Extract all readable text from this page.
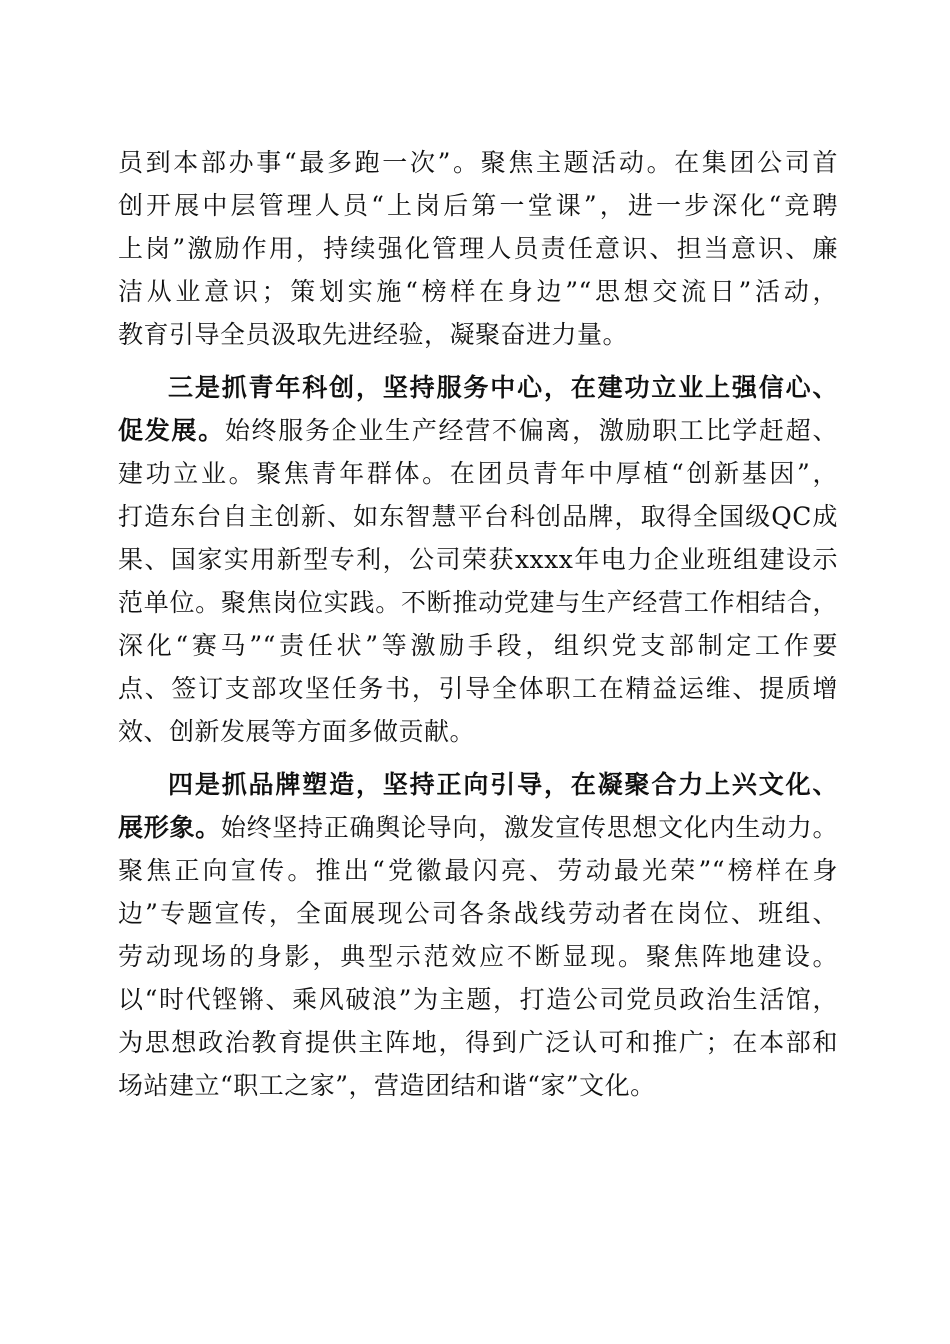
员到本部办事“最多跑一次”。聚焦主题活动。在集团公司首
创开展中层管理人员“上岗后第一堂课”，进一步深化“竞聘
上岗”激励作用，持续强化管理人员责任意识、担当意识、廉
洁从业意识；策划实施“榜样在身边”“思想交流日”活动，
教育引导全员汲取先进经验，凝聚奋进力量。
三是抓青年科创，坚持服务中心，在建功立业上强信心、
促发展。始终服务企业生产经营不偏离，激励职工比学赶超、
建功立业。聚焦青年群体。在团员青年中厚植“创新基因”，
打造东台自主创新、如东智慧平台科创品牌，取得全国级QC成
果、国家实用新型专利，公司荣获xxxx年电力企业班组建设示
范单位。聚焦岗位实践。不断推动党建与生产经营工作相结合，
深化“赛马”“责任状”等激励手段，组织党支部制定工作要
点、签订支部攻坚任务书，引导全体职工在精益运维、提质增
效、创新发展等方面多做贡献。
四是抓品牌塑造，坚持正向引导，在凝聚合力上兴文化、
展形象。始终坚持正确舆论导向，激发宣传思想文化内生动力。
聚焦正向宣传。推出“党徽最闪亮、劳动最光荣”“榜样在身
边”专题宣传，全面展现公司各条战线劳动者在岗位、班组、
劳动现场的身影，典型示范效应不断显现。聚焦阵地建设。
以“时代铿锵、乘风破浪”为主题，打造公司党员政治生活馆，
为思想政治教育提供主阵地，得到广泛认可和推广；在本部和
场站建立“职工之家”，营造团结和谐“家”文化。
